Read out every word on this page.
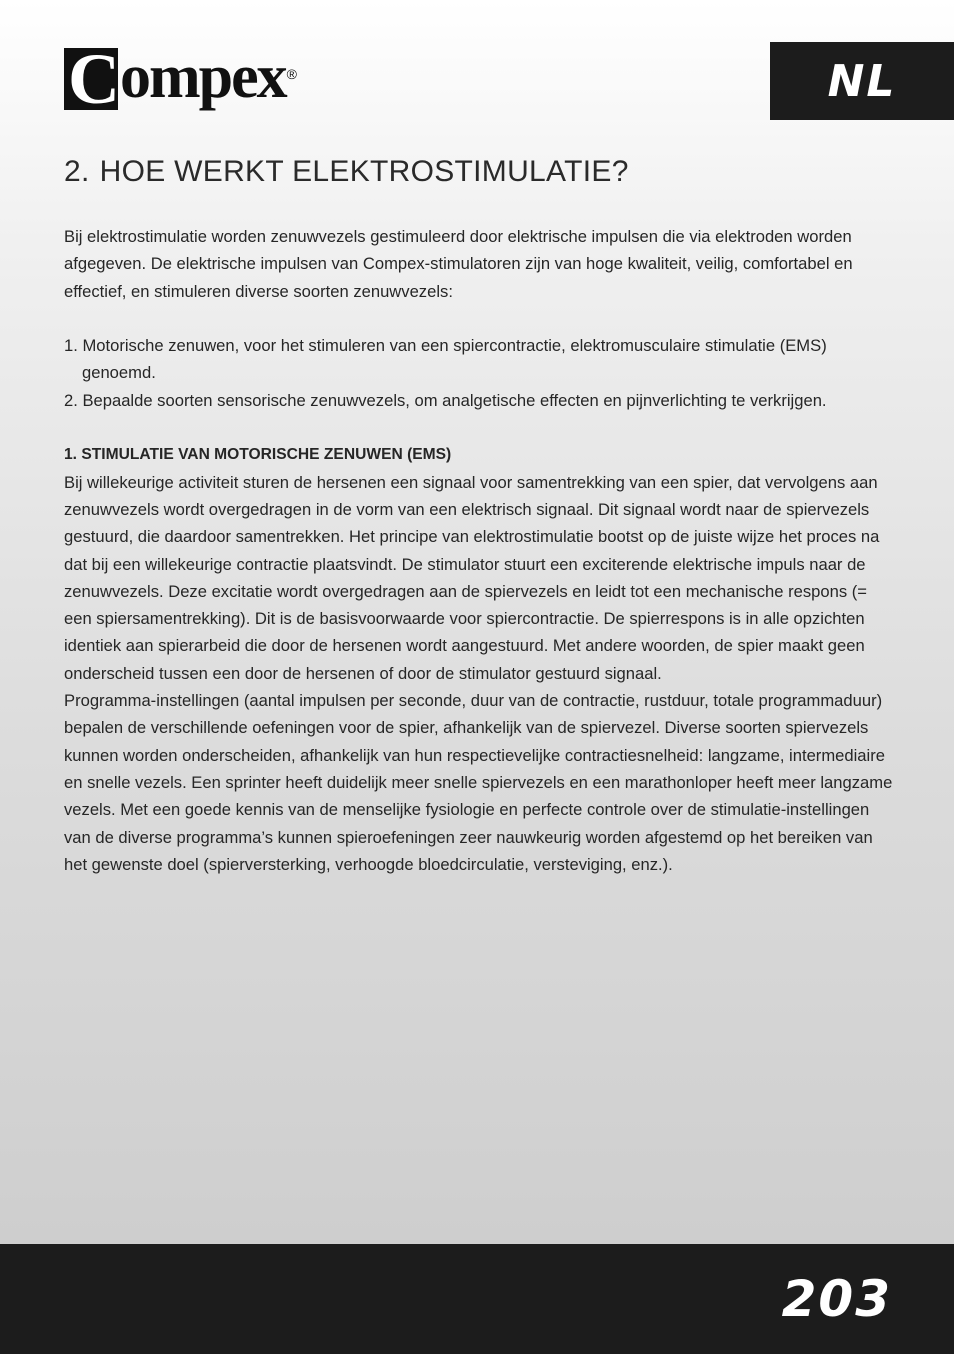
C ompex ®	NL
2. HOE WERKT ELEKTROSTIMULATIE?

Bij elektrostimulatie worden zenuwvezels gestimuleerd door elektrische impulsen die via elektroden worden afgegeven. De elektrische impulsen van Compex-stimulatoren zijn van hoge kwaliteit, veilig, comfortabel en effectief, en stimuleren diverse soorten zenuwvezels:

1. Motorische zenuwen, voor het stimuleren van een spiercontractie, elektromusculaire stimulatie (EMS) genoemd.

2. Bepaalde soorten sensorische zenuwvezels, om analgetische effecten en pijnverlichting te verkrijgen.

1. STIMULATIE VAN MOTORISCHE ZENUWEN (EMS)

Bij willekeurige activiteit sturen de hersenen een signaal voor samentrekking van een spier, dat vervolgens aan zenuwvezels wordt overgedragen in de vorm van een elektrisch signaal. Dit signaal wordt naar de spiervezels gestuurd, die daardoor samentrekken. Het principe van elektrostimulatie bootst op de juiste wijze het proces na dat bij een willekeurige contractie plaatsvindt. De stimulator stuurt een exciterende elektrische impuls naar de zenuwvezels. Deze excitatie wordt overgedragen aan de spiervezels en leidt tot een mechanische respons (= een spiersamentrekking). Dit is de basisvoorwaarde voor spiercontractie. De spierrespons is in alle opzichten identiek aan spierarbeid die door de hersenen wordt aangestuurd. Met andere woorden, de spier maakt geen onderscheid tussen een door de hersenen of door de stimulator gestuurd signaal.

Programma-instellingen (aantal impulsen per seconde, duur van de contractie, rustduur, totale programmaduur) bepalen de verschillende oefeningen voor de spier, afhankelijk van de spiervezel. Diverse soorten spiervezels kunnen worden onderscheiden, afhankelijk van hun respectievelijke contractiesnelheid: langzame, intermediaire en snelle vezels. Een sprinter heeft duidelijk meer snelle spiervezels en een marathonloper heeft meer langzame vezels. Met een goede kennis van de menselijke fysiologie en perfecte controle over de stimulatie-instellingen van de diverse programma’s kunnen spieroefeningen zeer nauwkeurig worden afgestemd op het bereiken van het gewenste doel (spierversterking, verhoogde bloedcirculatie, versteviging, enz.).

203
